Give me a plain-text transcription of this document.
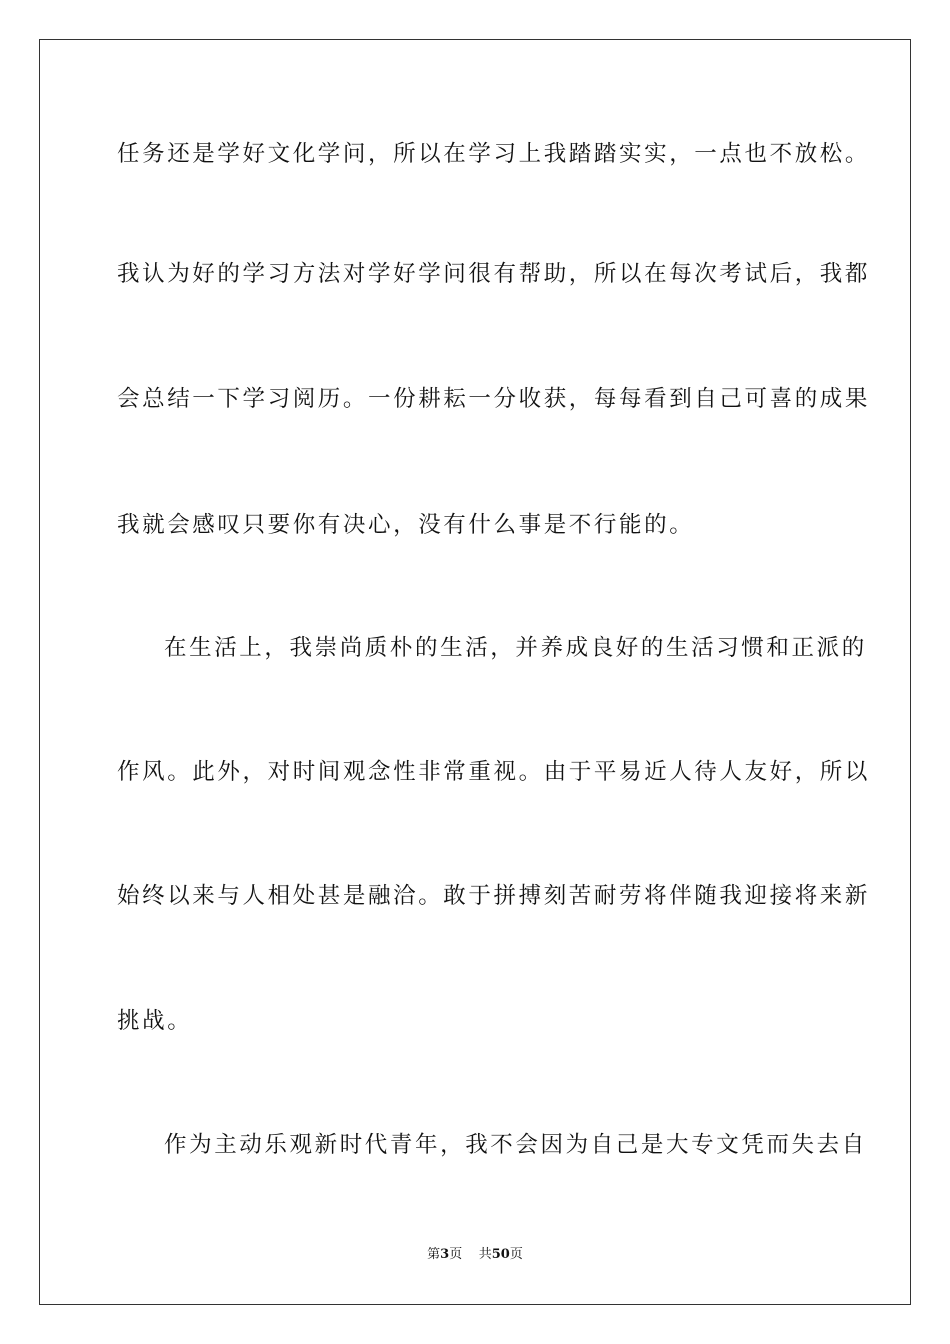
任务还是学好文化学问，所以在学习上我踏踏实实，一点也不放松。
我认为好的学习方法对学好学问很有帮助，所以在每次考试后，我都
会总结一下学习阅历。一份耕耘一分收获，每每看到自己可喜的成果
我就会感叹只要你有决心，没有什么事是不行能的。
在生活上，我崇尚质朴的生活，并养成良好的生活习惯和正派的
作风。此外，对时间观念性非常重视。由于平易近人待人友好，所以
始终以来与人相处甚是融洽。敢于拼搏刻苦耐劳将伴随我迎接将来新
挑战。
作为主动乐观新时代青年，我不会因为自己是大专文凭而失去自
第3页 共50页
